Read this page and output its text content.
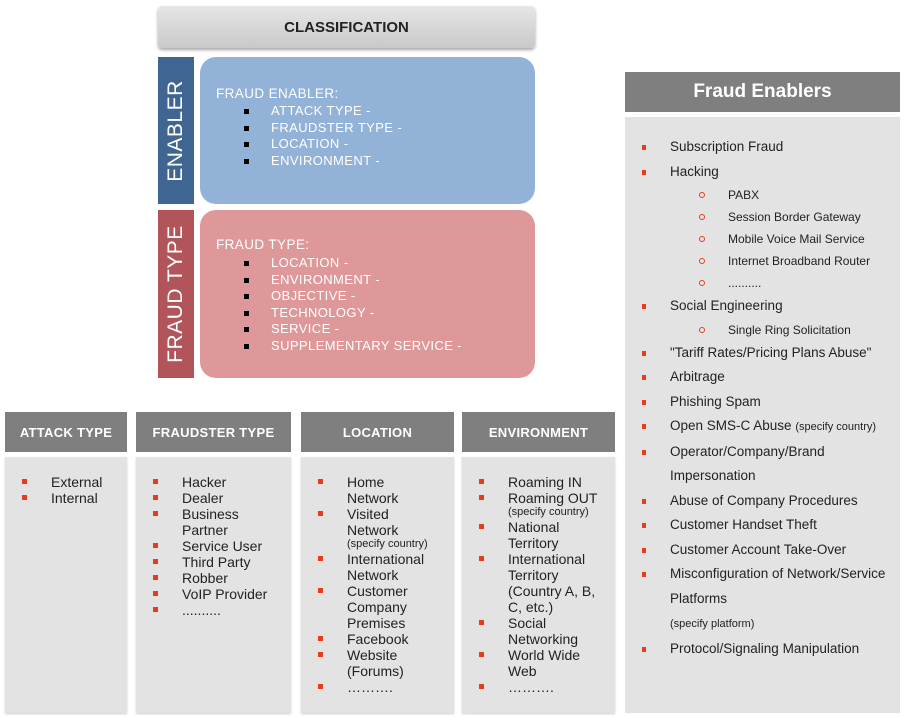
CLASSIFICATION
ENABLER FRAUD ENABLER:
ATTACK TYPE -
FRAUDSTER TYPE -
LOCATION -
ENVIRONMENT -
FRAUD TYPE FRAUD TYPE:
LOCATION -
ENVIRONMENT -
OBJECTIVE -
TECHNOLOGY -
SERVICE -
SUPPLEMENTARY SERVICE -
ATTACK TYPE
External
Internal
FRAUDSTER TYPE
Hacker
Dealer
Business Partner
Service User
Third Party
Robber
VoIP Provider
..........
LOCATION
Home Network
Visited Network
(specify country)
International Network
Customer Company Premises
Facebook
Website (Forums)
……….
ENVIRONMENT
Roaming IN
Roaming OUT
(specify country)
National Territory
International Territory (Country A, B, C, etc.)
Social Networking
World Wide Web
……….
Fraud Enablers
Subscription Fraud
Hacking
PABX
Session Border Gateway
Mobile Voice Mail Service
Internet Broadband Router
..........
Social Engineering
Single Ring Solicitation
"Tariff Rates/Pricing Plans Abuse"
Arbitrage
Phishing Spam
Open SMS-C Abuse (specify country)
Operator/Company/Brand Impersonation
Abuse of Company Procedures
Customer Handset Theft
Customer Account Take-Over
Misconfiguration of Network/Service Platforms
(specify platform)
Protocol/Signaling Manipulation
